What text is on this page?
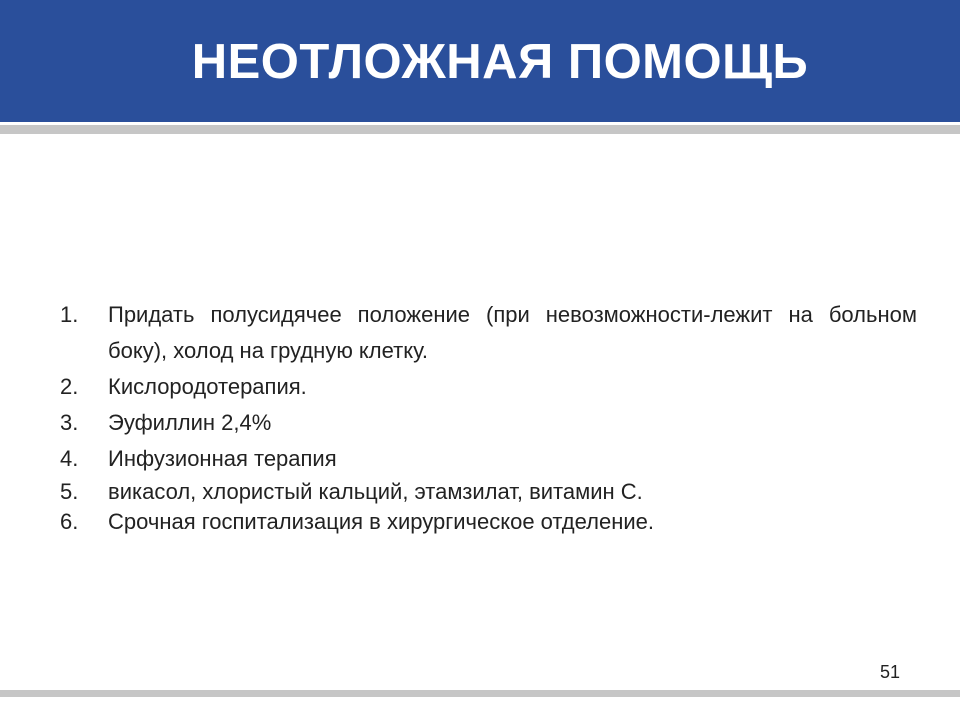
НЕОТЛОЖНАЯ ПОМОЩЬ
1.	Придать полусидячее положение (при невозможности-лежит на больном боку), холод на грудную клетку.
2.	Кислородотерапия.
3.	Эуфиллин 2,4%
4.	Инфузионная терапия
5.	викасол, хлористый кальций, этамзилат, витамин С.
6.	Срочная госпитализация в хирургическое отделение.
51
